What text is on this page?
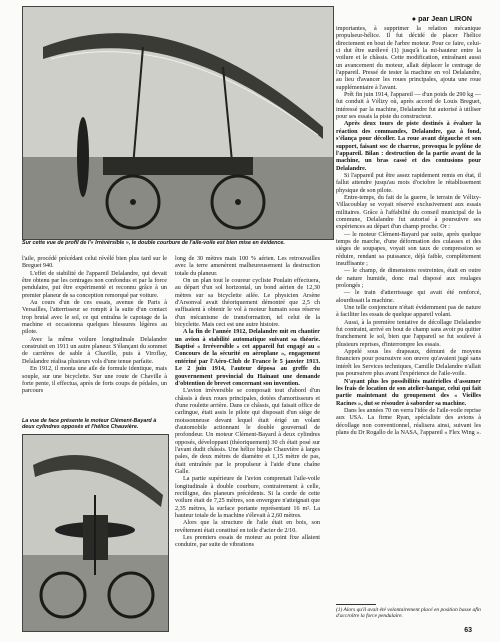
Sur cette vue de profil de l'« Irrévérsible », le double courbure de l'aile-voile est bien mise en évidence.
● par Jean LIRON

l'aile, procédé précédant celui révélé bien plus tard sur le Breguet 940.

L'effet de stabilité de l'appareil Delalandre, qui devait être obtenu par les centrages non confondus et par la force pendulaire, put être expérimenté et reconnu grâce à un premier planeur de sa conception remorqué par voiture.

Au cours d'un de ces essais, avenue de Paris à Versailles, l'atterrisseur se rompit à la suite d'un contact trop brutal avec le sol, ce qui entraîna le capotage de la machine et occasionna quelques blessures légères au pilote.

Avec la même voilure longitudinale Delalandre construisit en 1911 un autre planeur. S'élançant du sommet de carrières de sable à Chaville, puis à Viroflay, Delalandre réalisa plusieurs vols d'une tenue parfaite.

En 1912, il monta une aile de formule identique, mais souple, sur une bicyclette. Sur une route de Chaville à forte pente, il effectua, après de forts coups de pédales, un parcours

La vue de face présente le moteur Clément-Bayard à deux cylindres opposés et l'hélice Chauvière.

long de 30 mètres mais 100 % aérien. Les retrouvailles avec la terre amenèrent malheureusement la destruction totale du planeur.

On un plan tout le coureur cycliste Poulain effectuera, au départ d'un sol horizontal, un bond aérien de 12,30 mètres sur sa bicyclette ailée. Le physicien Arsène d'Arsonval avait théoriquement démontré que 2,5 ch suffisaient à obtenir le vol à moteur humain sous réserve d'un mécanisme de transformation, tel celui de la bicyclette. Mais ceci est une autre histoire.

A la fin de l'année 1912, Delalandre mit en chantier un avion à stabilité automatique suivant sa théorie. Baptisé « Irréversible » cet appareil fut engagé au « Concours de la sécurité en aéroplane », engagement entériné par l'Aéro-Club de France le 5 janvier 1913. Le 2 juin 1914, l'auteur déposa au greffe du gouvernement provincial du Hainaut une demande d'obtention de brevet concernant son invention.

L'avion irréversible se composait tout d'abord d'un châssis à deux roues principales, dotées d'amortisseurs et d'une roulette arrière. Dans ce châssis, qui faisait office de carlingue, était assis le pilote qui disposait d'un siège de moissonneuse devant lequel était érigé un volant d'automobile actionnant le double gouvernail de profondeur. Un moteur Clément-Bayard à deux cylindres opposés, développant (théoriquement) 30 ch était posé sur l'avant dudit châssis. Une hélice bipale Chauvière à larges pales, de deux mètres de diamètre et 1,15 mètre de pas, était entraînée par le propulseur à l'aide d'une chaîne Galle.

La partie supérieure de l'avion comprenait l'aile-voile longitudinale à double courbure, contrairement à celle, rectiligne, des planeurs précédents. Si la corde de cette voilure était de 7,25 mètres, son envergure n'atteignait que 2,35 mètres, la surface portante représentant 16 m². La hauteur totale de la machine s'élevait à 2,60 mètres.

Alors que la structure de l'aile était en bois, son revêtement était constitué en toile d'acier de 2/10.

Les premiers essais de moteur au point fixe allaient conduire, par suite de vibrations

importantes, à supprimer la relation mécanique propulseur-hélice. Il fut décidé de placer l'hélice directement en bout de l'arbre moteur. Pour ce faire, celui-ci dut être surélevé (1) jusqu'à la mi-hauteur entre la voilure et le châssis. Cette modification, entraînant aussi un avancement du moteur, allait déplacer le centrage de l'appareil. Pressé de tester la machine en vol Delalandre, au lieu d'avancer les roues principales, ajouta une roue supplémentaire à l'avant.

Prêt fin juin 1914, l'appareil — d'un poids de 290 kg — fut conduit à Vélizy où, après accord de Louis Breguet, intéressé par la machine, Delalandre fut autorisé à utiliser pour ses essais la piste du constructeur.

Après deux tours de piste destinés à évaluer la réaction des commandes, Delalandre, gaz à fond, s'élança pour décoller. La roue avant dégauche et son support, faisant soc de charrue, provoqua le pylône de l'appareil. Bilan : destruction de la partie avant de la machine, un bras cassé et des contusions pour Delalandre.

Si l'appareil put être assez rapidement remis en état, il fallut attendre jusqu'au mois d'octobre le rétablissement physique de son pilote.

Entre-temps, du fait de la guerre, le terrain de Vélizy-Villacoublay se voyait réservé exclusivement aux essais militaires. Grâce à l'affabilité du conseil municipal de la commune, Delalandre fut autorisé à poursuivre ses expériences au départ d'un champ proche. Or :

— le moteur Clément-Bayard par suite, après quelque temps de marche, d'une déformation des culasses et des sièges de soupapes, voyait son taux de compression se réduire, rendant sa puissance, déjà faible, complètement insuffisante ;

— le champ, de dimensions restreintes, était en outre de nature humide, donc mal disposé aux roulages prolongés ;

— le train d'atterrissage qui avait été renforcé, alourdissait la machine.

Une telle conjoncture n'était évidemment pas de nature à faciliter les essais de quelque appareil volant.

Aussi, à la première tentative de décollage Delalandre fut contraint, arrivé en bout de champ sans avoir pu quitter franchement le sol, bien que l'appareil se fut soulevé à plusieurs reprises, d'interrompre les essais.

Appelé sous les drapeaux, démuni de moyens financiers pour poursuivre son œuvre qu'avaient jugé sans intérêt les Services techniques, Camille Delalandre n'allait pas poursuivre plus avant l'expérience de l'aile-voile.

N'ayant plus les possibilités matérielles d'assumer les frais de location de son atelier-hangar, celui qui fait partie maintenant du groupement des « Vieilles Racines », dut se résoudre à saborder sa machine.

Dans les années 70 on verra l'idée de l'aile-voile reprise aux USA. La firme Ryan, spécialiste des avions à décollage non conventionnel, réalisera ainsi, suivant les plans du Dr Rogallo de la NASA, l'appareil « Flex Wing ».

(1) Alors qu'il avait été volontairement placé en position basse afin d'accroître la force pendulaire.
63
